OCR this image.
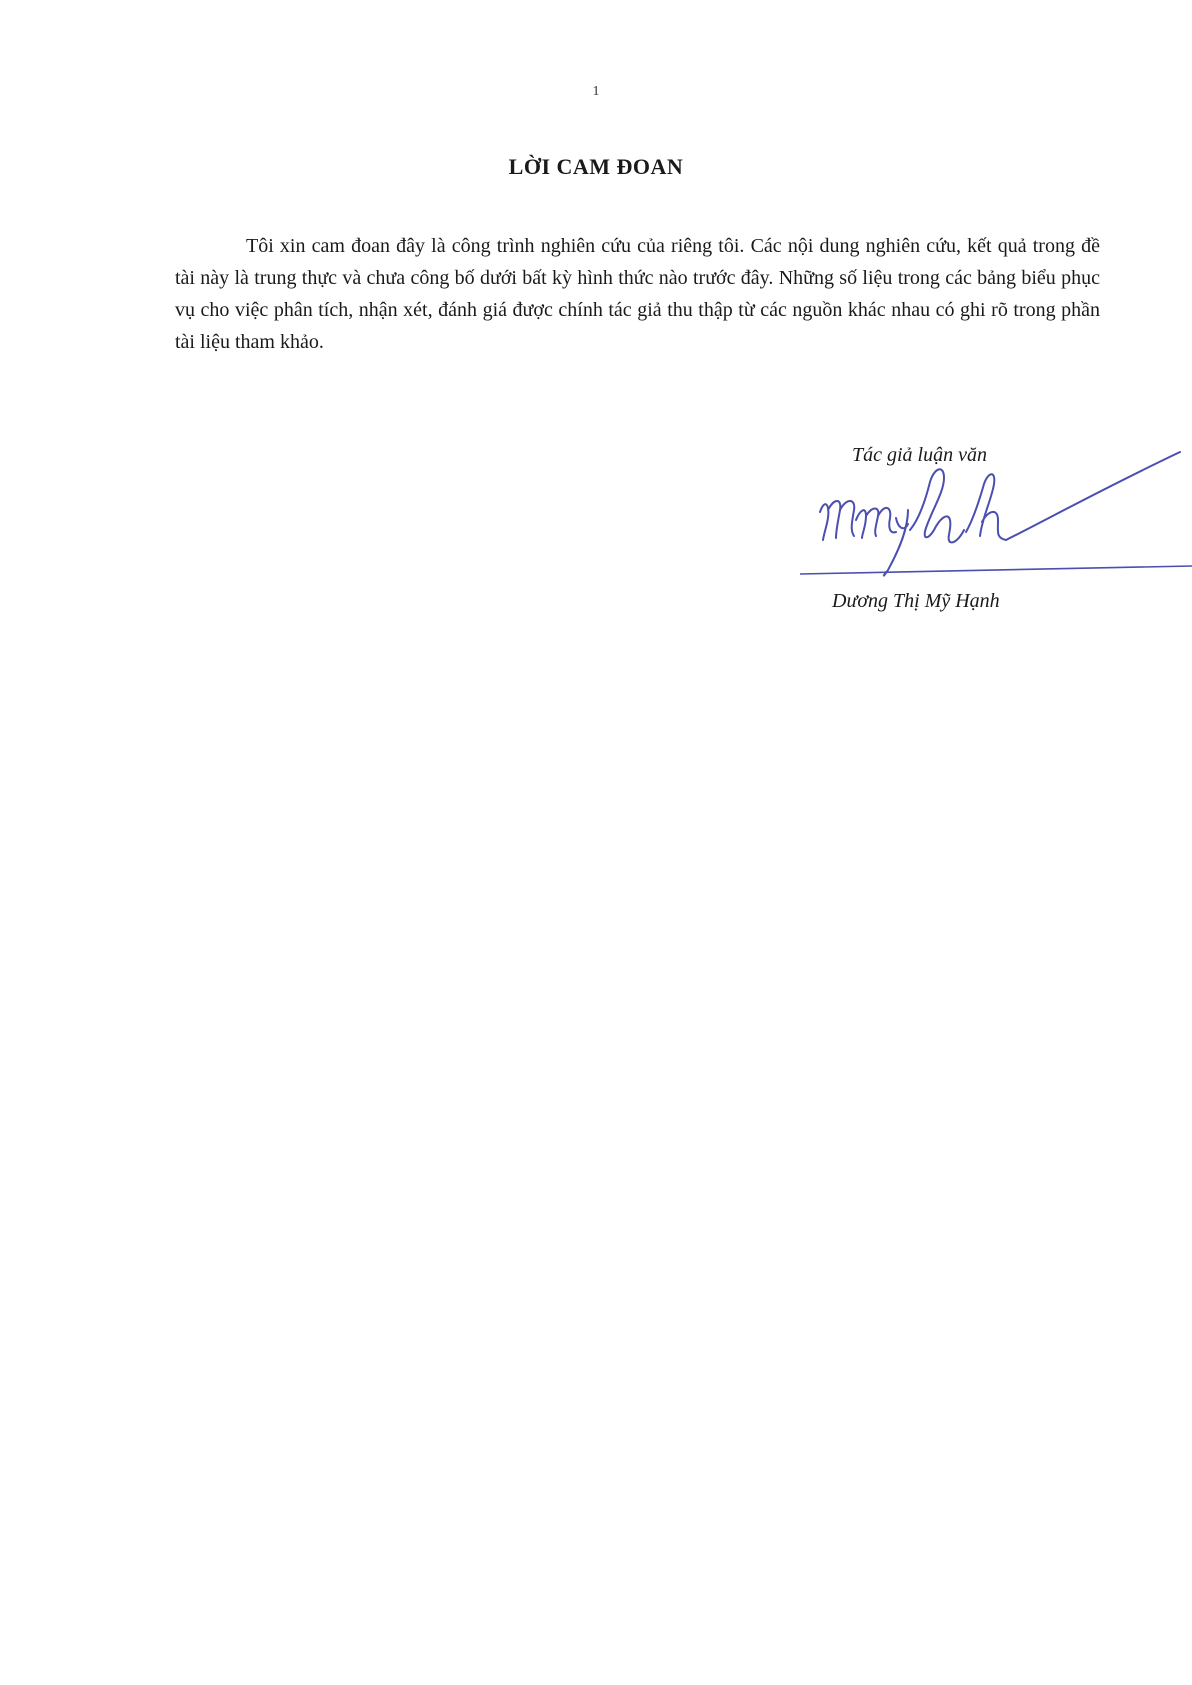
1
LỜI CAM ĐOAN

Tôi xin cam đoan đây là công trình nghiên cứu của riêng tôi. Các nội dung nghiên cứu, kết quả trong đề tài này là trung thực và chưa công bố dưới bất kỳ hình thức nào trước đây. Những số liệu trong các bảng biểu phục vụ cho việc phân tích, nhận xét, đánh giá được chính tác giả thu thập từ các nguồn khác nhau có ghi rõ trong phần tài liệu tham khảo.

Tác giả luận văn

Dương Thị Mỹ Hạnh
